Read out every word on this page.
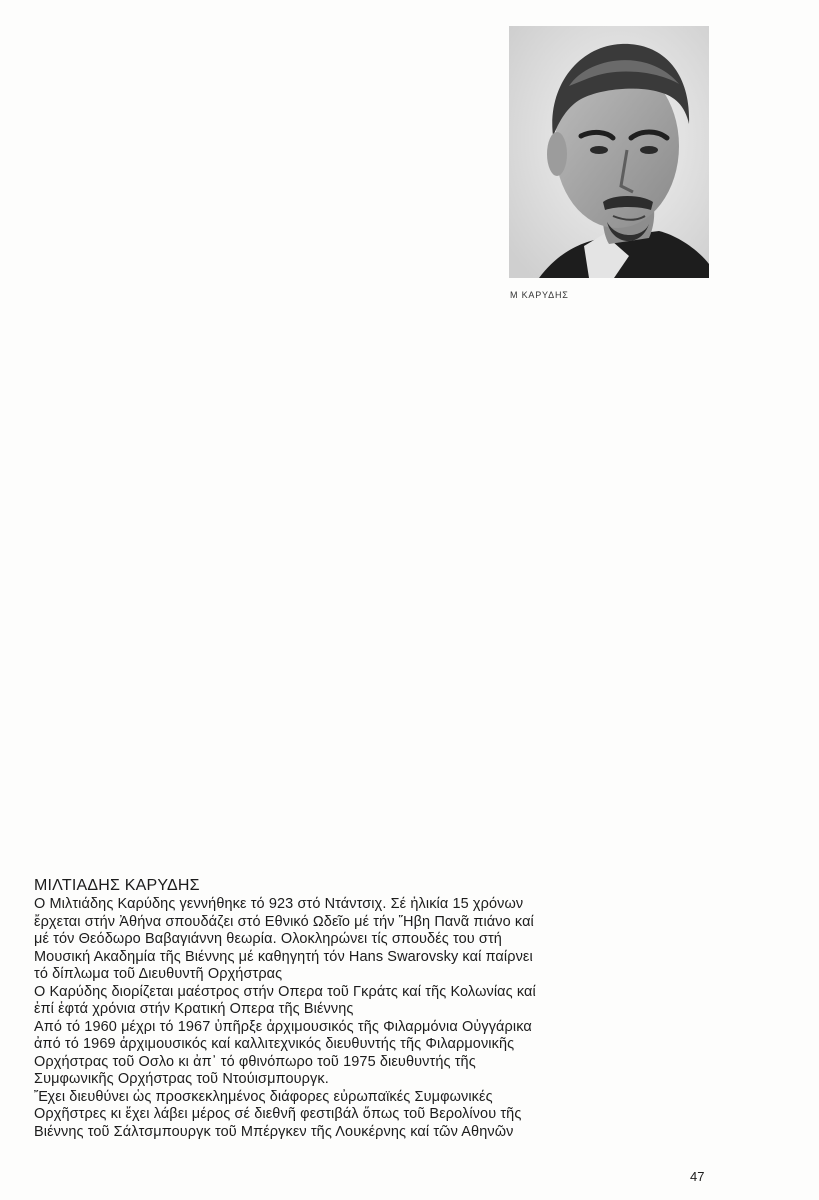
Μ ΚΑΡΥΔΗΣ
ΜΙΛΤΙΑΔΗΣ ΚΑΡΥΔΗΣ
Ο Μιλτιάδης Καρύδης γεννήθηκε τό 923 στό Ντάντσιχ. Σέ ἡλικία 15 χρόνων
ἔρχεται στήν Ἀθήνα σπουδάζει στό Εθνικό Ωδεῖο μέ τήν Ἥβη Πανᾶ πιάνο καί
μέ τόν Θεόδωρο Βαβαγιάννη θεωρία. Ολοκληρώνει τίς σπουδές του στή
Μουσική Ακαδημία τῆς Βιέννης μέ καθηγητή τόν Hans Swarovsky καί παίρνει
τό δίπλωμα τοῦ Διευθυντῆ Ορχήστρας
Ο Καρύδης διορίζεται μαέστρος στήν Οπερα τοῦ Γκράτς καί τῆς Κολωνίας καί
ἐπί ἑφτά χρόνια στήν Κρατική Οπερα τῆς Βιέννης
Από τό 1960 μέχρι τό 1967 ὑπῆρξε ἀρχιμουσικός τῆς Φιλαρμόνια Οὐγγάρικα
ἀπό τό 1969 ἀρχιμουσικός καί καλλιτεχνικός διευθυντής τῆς Φιλαρμονικῆς
Ορχήστρας τοῦ Οσλο κι ἀπ᾽ τό φθινόπωρο τοῦ 1975 διευθυντής τῆς
Συμφωνικῆς Ορχήστρας τοῦ Ντούισμπουργκ.
Ἔχει διευθύνει ὡς προσκεκλημένος διάφορες εὐρωπαϊκές Συμφωνικές
Ορχῆστρες κι ἔχει λάβει μέρος σέ διεθνῆ φεστιβάλ ὅπως τοῦ Βερολίνου τῆς
Βιέννης τοῦ Σάλτσμπουργκ τοῦ Μπέργκεν τῆς Λουκέρνης καί τῶν Αθηνῶν
47
